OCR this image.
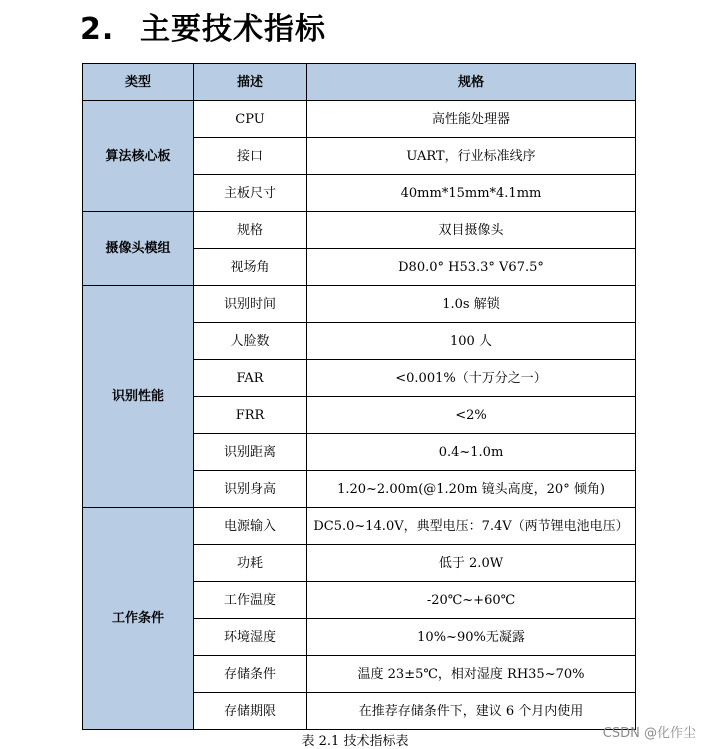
2. 主要技术指标
类型	描述	规格
算法核心板	CPU	高性能处理器
	接口	UART，行业标准线序
	主板尺寸	40mm*15mm*4.1mm
摄像头模组	规格	双目摄像头
	视场角	D80.0° H53.3° V67.5°
识别性能	识别时间	1.0s 解锁
	人脸数	100 人
	FAR	<0.001%（十万分之一）
	FRR	<2%
	识别距离	0.4~1.0m
	识别身高	1.20~2.00m(@1.20m 镜头高度，20° 倾角)
工作条件	电源输入	DC5.0~14.0V，典型电压：7.4V（两节锂电池电压）
	功耗	低于 2.0W
	工作温度	-20℃~+60℃
	环境湿度	10%~90%无凝露
	存储条件	温度 23±5℃，相对湿度 RH35~70%
	存储期限	在推荐存储条件下，建议 6 个月内使用
表 2.1 技术指标表
CSDN @化作尘
